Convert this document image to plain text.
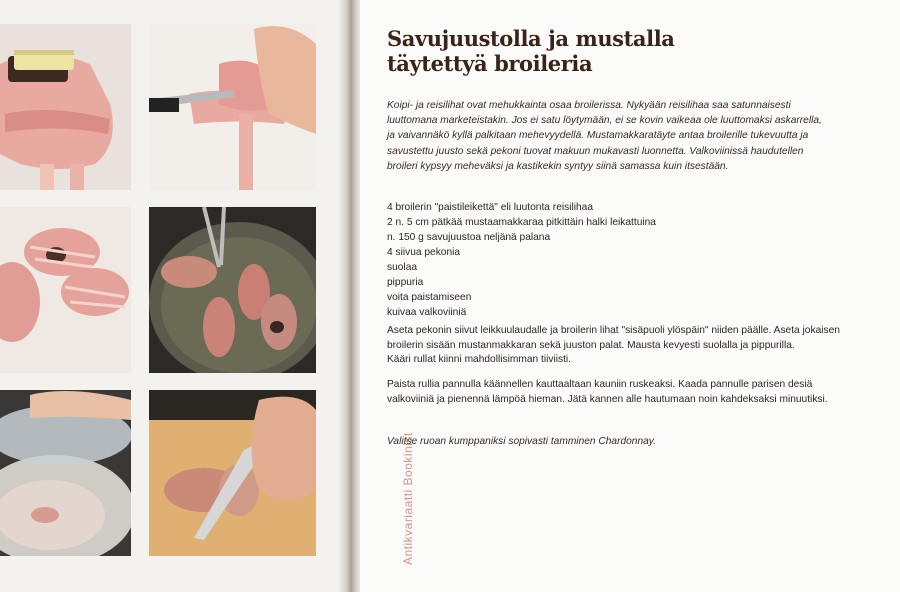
Savujuustolla ja mustalla
täytettyä broileria
Koipi- ja reisilihat ovat mehukkainta osaa broilerissa. Nykyään reisilihaa saa satunnaisesti
luuttomana marketeistakin. Jos ei satu löytymään, ei se kovin vaikeaa ole luuttomaksi askarrella,
ja vaivannäkö kyllä palkitaan mehevyydellä. Mustamakkaratäyte antaa broilerille tukevuutta ja
savustettu juusto sekä pekoni tuovat makuun mukavasti luonnetta. Valkoviinissä haudutellen
broileri kypsyy meheväksi ja kastikekin syntyy siinä samassa kuin itsestään.
4 broilerin "paistileikettä" eli luutonta reisilihaa
2 n. 5 cm pätkää mustaamakkaraa pitkittäin halki leikattuina
n. 150 g savujuustoa neljänä palana
4 siivua pekonia
suolaa
pippuria
voita paistamiseen
kuivaa valkoviiniä
Aseta pekonin siivut leikkuulaudalle ja broilerin lihat "sisäpuoli ylöspäin" niiden päälle. Aseta jokaisen
broilerin sisään mustanmakkaran sekä juuston palat. Mausta kevyesti suolalla ja pippurilla.
Kääri rullat kiinni mahdollisimman tiiviisti.
Paista rullia pannulla käännellen kauttaaltaan kauniin ruskeaksi. Kaada pannulle parisen desiä
valkoviiniä ja pienennä lämpöä hieman. Jätä kannen alle hautumaan noin kahdeksaksi minuutiksi.
Valitse ruoan kumppaniksi sopivasti tamminen Chardonnay.
Antikvariaatti Bookinist
